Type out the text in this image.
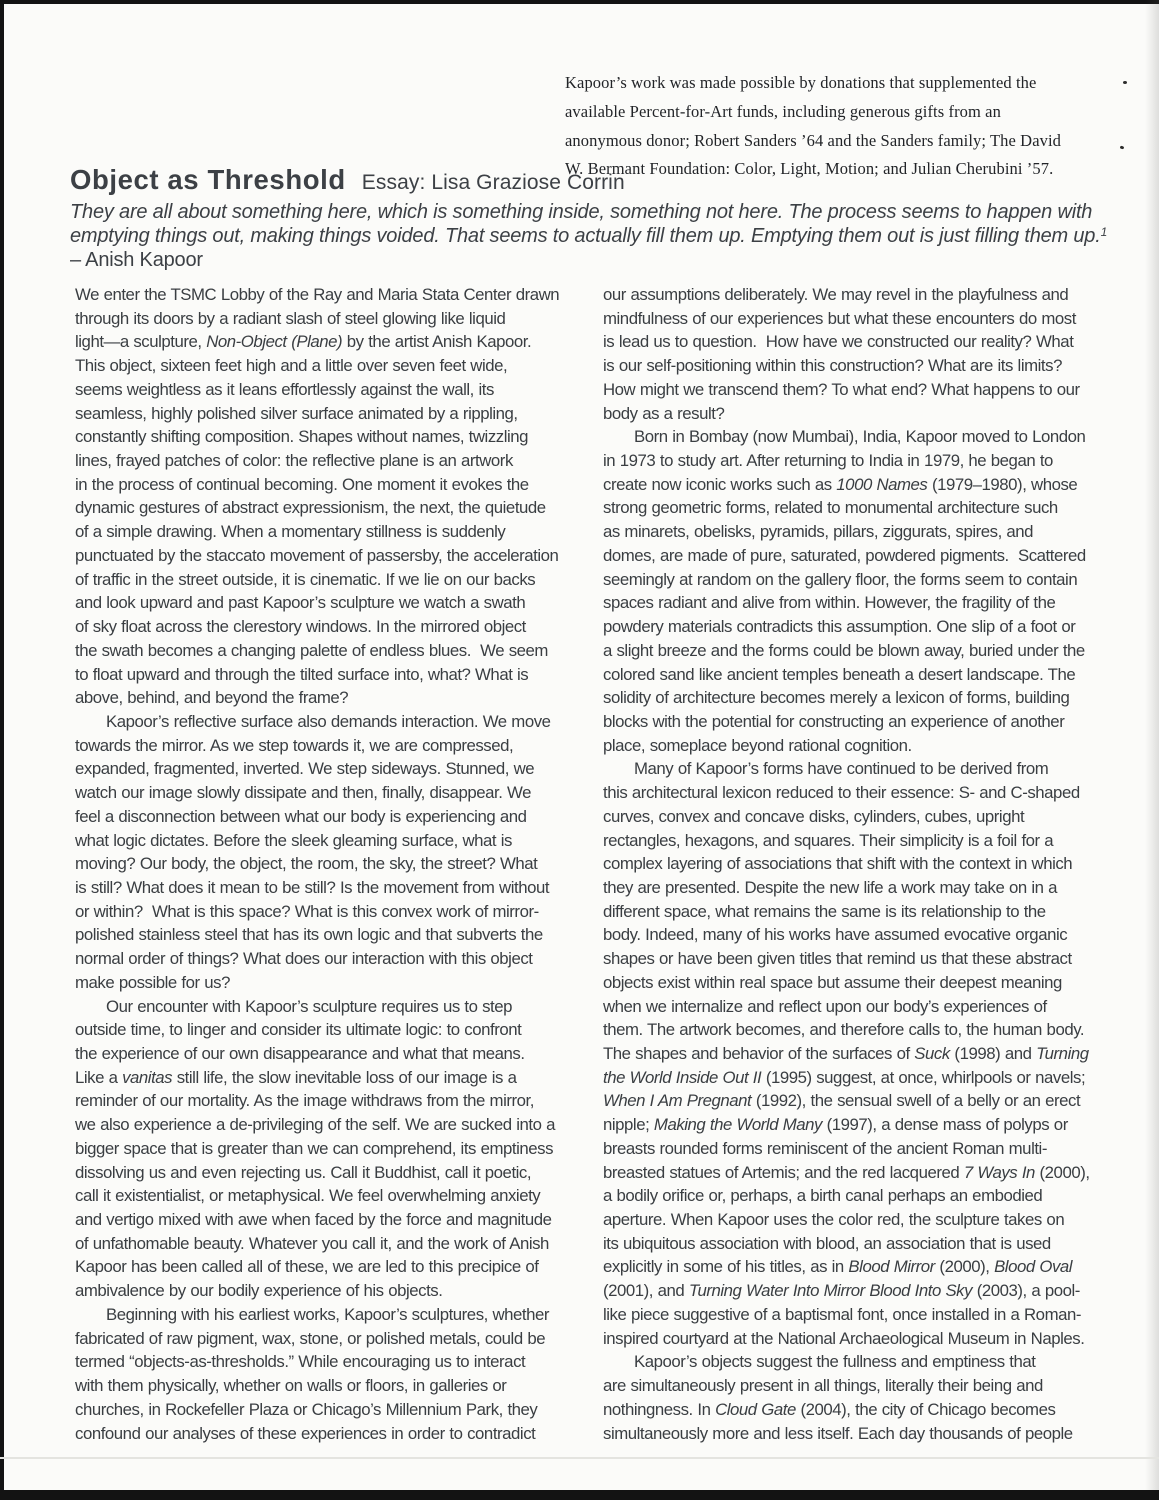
Kapoor’s work was made possible by donations that supplemented the
available Percent-for-Art funds, including generous gifts from an
anonymous donor; Robert Sanders ’64 and the Sanders family; The David
W. Bermant Foundation: Color, Light, Motion; and Julian Cherubini ’57.
Object as Threshold Essay: Lisa Graziose Corrin
They are all about something here, which is something inside, something not here. The process seems to happen with
emptying things out, making things voided. That seems to actually fill them up. Emptying them out is just filling them up.$^1$
– Anish Kapoor
We enter the TSMC Lobby of the Ray and Maria Stata Center drawn
through its doors by a radiant slash of steel glowing like liquid
light—a sculpture, Non-Object (Plane) by the artist Anish Kapoor.
This object, sixteen feet high and a little over seven feet wide,
seems weightless as it leans effortlessly against the wall, its
seamless, highly polished silver surface animated by a rippling,
constantly shifting composition. Shapes without names, twizzling
lines, frayed patches of color: the reflective plane is an artwork
in the process of continual becoming. One moment it evokes the
dynamic gestures of abstract expressionism, the next, the quietude
of a simple drawing. When a momentary stillness is suddenly
punctuated by the staccato movement of passersby, the acceleration
of traffic in the street outside, it is cinematic. If we lie on our backs
and look upward and past Kapoor’s sculpture we watch a swath
of sky float across the clerestory windows. In the mirrored object
the swath becomes a changing palette of endless blues.  We seem
to float upward and through the tilted surface into, what? What is
above, behind, and beyond the frame?
Kapoor’s reflective surface also demands interaction. We move
towards the mirror. As we step towards it, we are compressed,
expanded, fragmented, inverted. We step sideways. Stunned, we
watch our image slowly dissipate and then, finally, disappear. We
feel a disconnection between what our body is experiencing and
what logic dictates. Before the sleek gleaming surface, what is
moving? Our body, the object, the room, the sky, the street? What
is still? What does it mean to be still? Is the movement from without
or within?  What is this space? What is this convex work of mirror-
polished stainless steel that has its own logic and that subverts the
normal order of things? What does our interaction with this object
make possible for us?
Our encounter with Kapoor’s sculpture requires us to step
outside time, to linger and consider its ultimate logic: to confront
the experience of our own disappearance and what that means.
Like a vanitas still life, the slow inevitable loss of our image is a
reminder of our mortality. As the image withdraws from the mirror,
we also experience a de-privileging of the self. We are sucked into a
bigger space that is greater than we can comprehend, its emptiness
dissolving us and even rejecting us. Call it Buddhist, call it poetic,
call it existentialist, or metaphysical. We feel overwhelming anxiety
and vertigo mixed with awe when faced by the force and magnitude
of unfathomable beauty. Whatever you call it, and the work of Anish
Kapoor has been called all of these, we are led to this precipice of
ambivalence by our bodily experience of his objects.
Beginning with his earliest works, Kapoor’s sculptures, whether
fabricated of raw pigment, wax, stone, or polished metals, could be
termed “objects-as-thresholds.” While encouraging us to interact
with them physically, whether on walls or floors, in galleries or
churches, in Rockefeller Plaza or Chicago’s Millennium Park, they
confound our analyses of these experiences in order to contradict
our assumptions deliberately. We may revel in the playfulness and
mindfulness of our experiences but what these encounters do most
is lead us to question.  How have we constructed our reality? What
is our self-positioning within this construction? What are its limits?
How might we transcend them? To what end? What happens to our
body as a result?
Born in Bombay (now Mumbai), India, Kapoor moved to London
in 1973 to study art. After returning to India in 1979, he began to
create now iconic works such as 1000 Names (1979–1980), whose
strong geometric forms, related to monumental architecture such
as minarets, obelisks, pyramids, pillars, ziggurats, spires, and
domes, are made of pure, saturated, powdered pigments.  Scattered
seemingly at random on the gallery floor, the forms seem to contain
spaces radiant and alive from within. However, the fragility of the
powdery materials contradicts this assumption. One slip of a foot or
a slight breeze and the forms could be blown away, buried under the
colored sand like ancient temples beneath a desert landscape. The
solidity of architecture becomes merely a lexicon of forms, building
blocks with the potential for constructing an experience of another
place, someplace beyond rational cognition.
Many of Kapoor’s forms have continued to be derived from
this architectural lexicon reduced to their essence: S- and C-shaped
curves, convex and concave disks, cylinders, cubes, upright
rectangles, hexagons, and squares. Their simplicity is a foil for a
complex layering of associations that shift with the context in which
they are presented. Despite the new life a work may take on in a
different space, what remains the same is its relationship to the
body. Indeed, many of his works have assumed evocative organic
shapes or have been given titles that remind us that these abstract
objects exist within real space but assume their deepest meaning
when we internalize and reflect upon our body’s experiences of
them. The artwork becomes, and therefore calls to, the human body.
The shapes and behavior of the surfaces of Suck (1998) and Turning
the World Inside Out II (1995) suggest, at once, whirlpools or navels;
When I Am Pregnant (1992), the sensual swell of a belly or an erect
nipple; Making the World Many (1997), a dense mass of polyps or
breasts rounded forms reminiscent of the ancient Roman multi-
breasted statues of Artemis; and the red lacquered 7 Ways In (2000),
a bodily orifice or, perhaps, a birth canal perhaps an embodied
aperture. When Kapoor uses the color red, the sculpture takes on
its ubiquitous association with blood, an association that is used
explicitly in some of his titles, as in Blood Mirror (2000), Blood Oval
(2001), and Turning Water Into Mirror Blood Into Sky (2003), a pool-
like piece suggestive of a baptismal font, once installed in a Roman-
inspired courtyard at the National Archaeological Museum in Naples.
Kapoor’s objects suggest the fullness and emptiness that
are simultaneously present in all things, literally their being and
nothingness. In Cloud Gate (2004), the city of Chicago becomes
simultaneously more and less itself. Each day thousands of people
